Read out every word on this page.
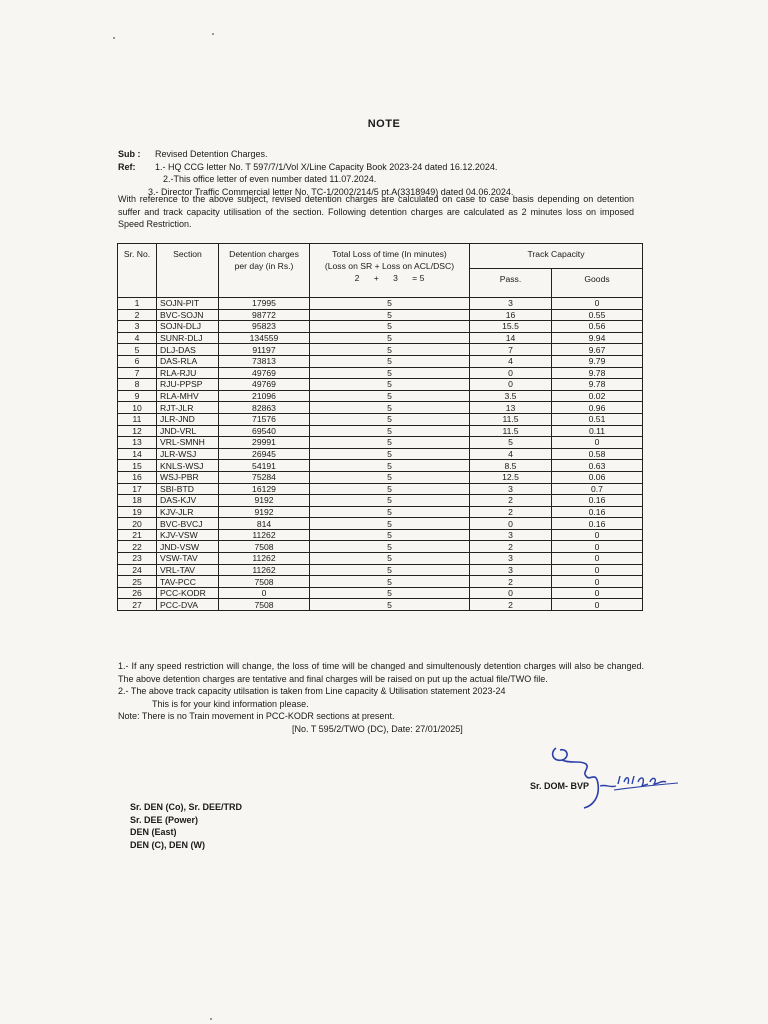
NOTE
Sub : Revised Detention Charges.
Ref: 1.- HQ CCG letter No. T 597/7/1/Vol X/Line Capacity Book 2023-24 dated 16.12.2024.
2.-This office letter of even number dated 11.07.2024.
3.- Director Traffic Commercial letter No. TC-1/2002/214/5 pt.A(3318949) dated 04.06.2024.
With reference to the above subject, revised detention charges are calculated on case to case basis depending on detention suffer and track capacity utilisation of the section. Following detention charges are calculated as 2 minutes loss on imposed Speed Restriction.
Sr. No.	Section	Detention charges
per day (in Rs.)	Total Loss of time (In minutes)
(Loss on SR + Loss on ACL/DSC)
2      +      3      = 5	Track Capacity	
				Pass.	Goods
1	SOJN-PIT	17995	5	3	0
2	BVC-SOJN	98772	5	16	0.55
3	SOJN-DLJ	95823	5	15.5	0.56
4	SUNR-DLJ	134559	5	14	9.94
5	DLJ-DAS	91197	5	7	9.67
6	DAS-RLA	73813	5	4	9.79
7	RLA-RJU	49769	5	0	9.78
8	RJU-PPSP	49769	5	0	9.78
9	RLA-MHV	21096	5	3.5	0.02
10	RJT-JLR	82863	5	13	0.96
11	JLR-JND	71576	5	11.5	0.51
12	JND-VRL	69540	5	11.5	0.11
13	VRL-SMNH	29991	5	5	0
14	JLR-WSJ	26945	5	4	0.58
15	KNLS-WSJ	54191	5	8.5	0.63
16	WSJ-PBR	75284	5	12.5	0.06
17	SBI-BTD	16129	5	3	0.7
18	DAS-KJV	9192	5	2	0.16
19	KJV-JLR	9192	5	2	0.16
20	BVC-BVCJ	814	5	0	0.16
21	KJV-VSW	11262	5	3	0
22	JND-VSW	7508	5	2	0
23	VSW-TAV	11262	5	3	0
24	VRL-TAV	11262	5	3	0
25	TAV-PCC	7508	5	2	0
26	PCC-KODR	0	5	0	0
27	PCC-DVA	7508	5	2	0

1.- If any speed restriction will change, the loss of time will be changed and simultenously detention charges will also be changed. The above detention charges are tentative and final charges will be raised on put up the actual file/TWO file.

2.- The above track capacity utilsation is taken from Line capacity & Utilisation statement 2023-24

This is for your kind information please.

Note: There is no Train movement in PCC-KODR sections at present.

[No. T 595/2/TWO (DC), Date: 27/01/2025]

Sr. DOM- BVP
Sr. DEN (Co), Sr. DEE/TRD
Sr. DEE (Power)
DEN (East)
DEN (C), DEN (W)
